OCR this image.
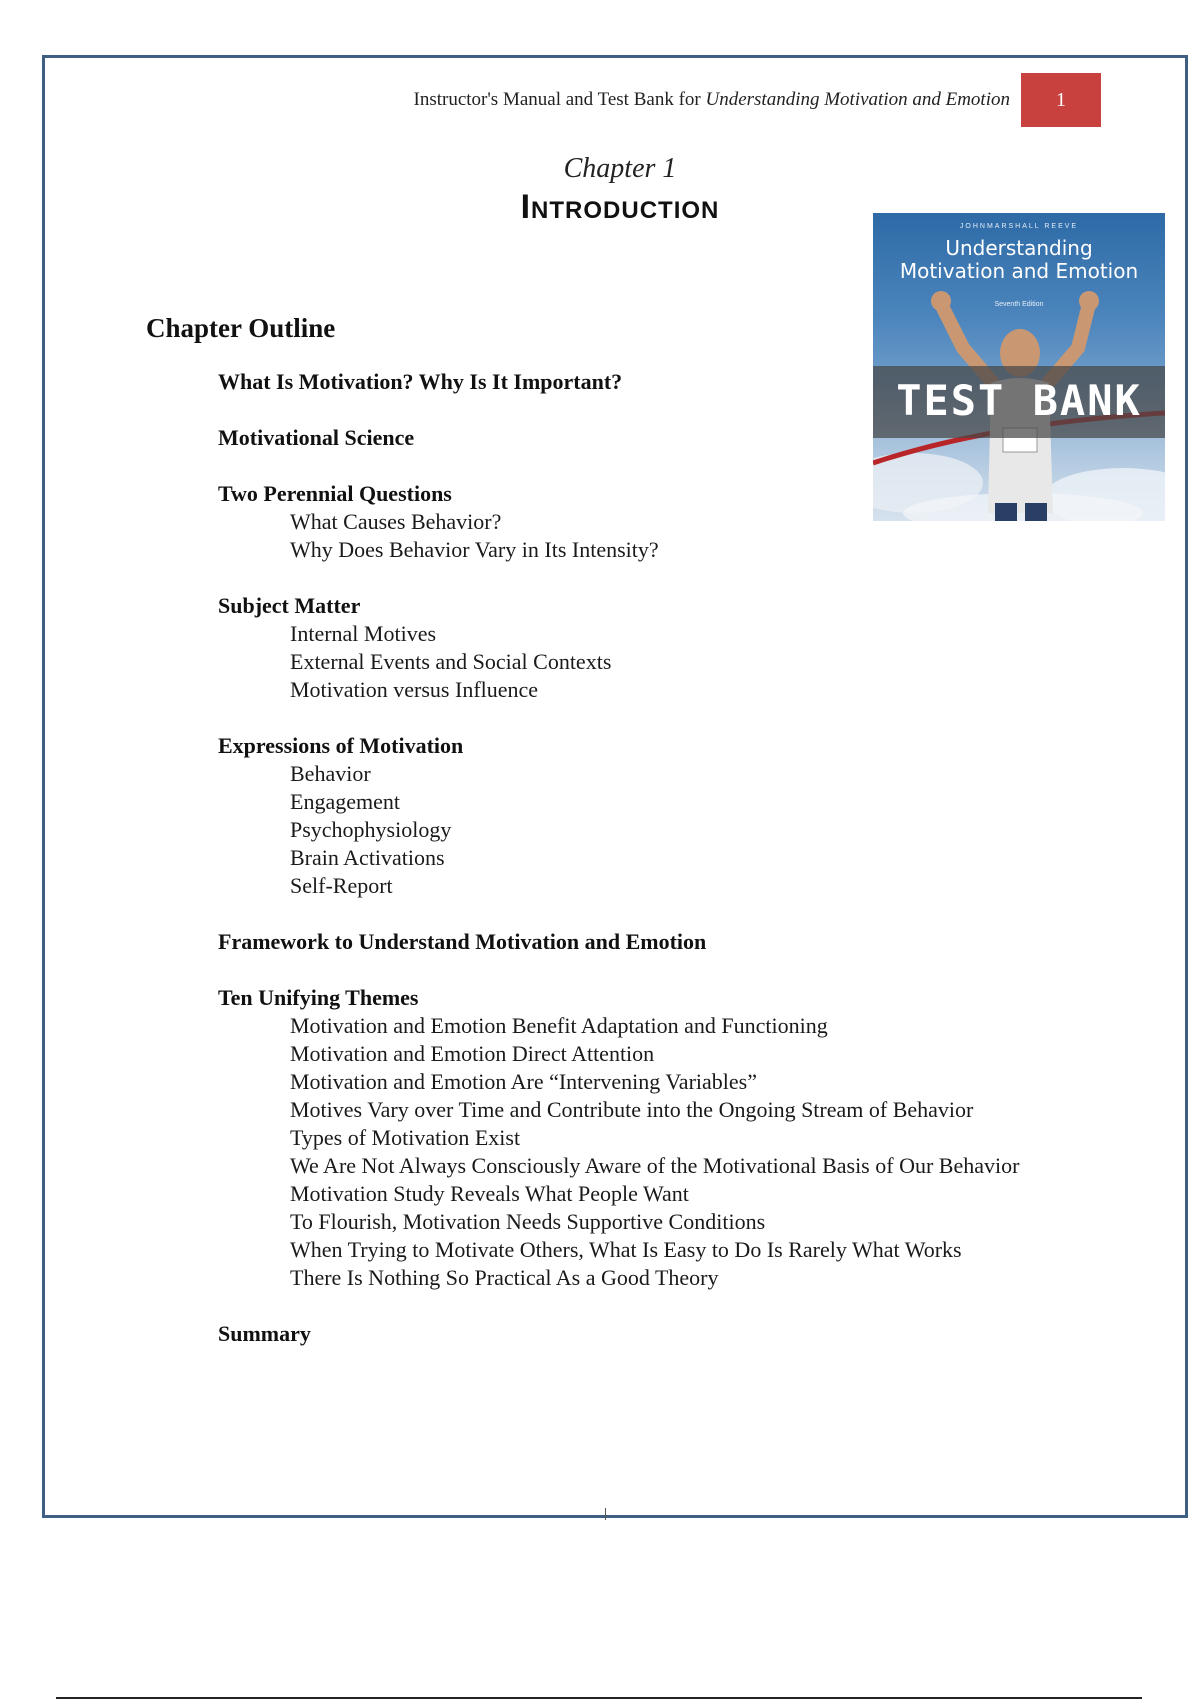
Instructor's Manual and Test Bank for Understanding Motivation and Emotion	1
Chapter 1
Introduction
JOHNMARSHALL REEVE
Understanding
Motivation and Emotion
Seventh Edition
TEST BANK
Chapter Outline
What Is Motivation? Why Is It Important?
Motivational Science
Two Perennial Questions
What Causes Behavior?
Why Does Behavior Vary in Its Intensity?
Subject Matter
Internal Motives
External Events and Social Contexts
Motivation versus Influence
Expressions of Motivation
Behavior
Engagement
Psychophysiology
Brain Activations
Self-Report
Framework to Understand Motivation and Emotion
Ten Unifying Themes
Motivation and Emotion Benefit Adaptation and Functioning
Motivation and Emotion Direct Attention
Motivation and Emotion Are “Intervening Variables”
Motives Vary over Time and Contribute into the Ongoing Stream of Behavior
Types of Motivation Exist
We Are Not Always Consciously Aware of the Motivational Basis of Our Behavior
Motivation Study Reveals What People Want
To Flourish, Motivation Needs Supportive Conditions
When Trying to Motivate Others, What Is Easy to Do Is Rarely What Works
There Is Nothing So Practical As a Good Theory
Summary
